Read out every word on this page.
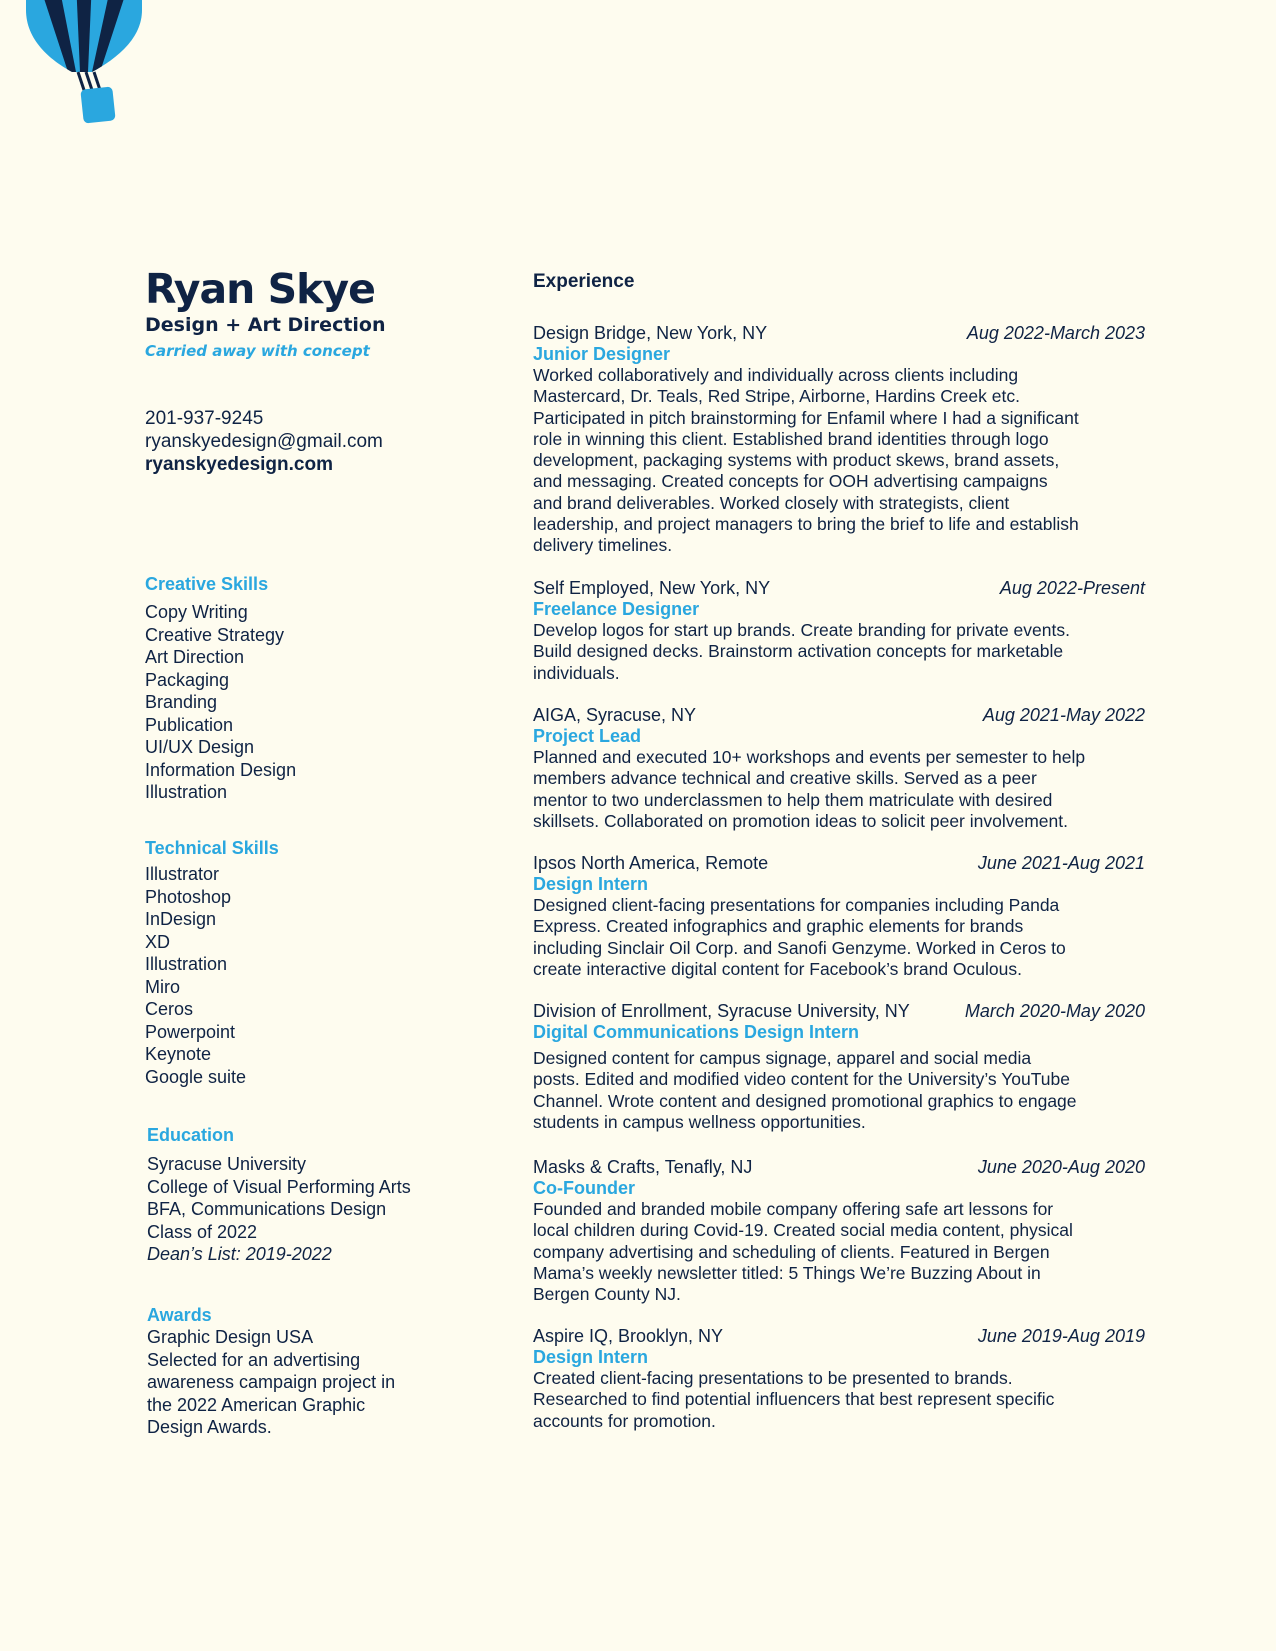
Ryan Skye
Design + Art Direction
Carried away with concept
201-937-9245
ryanskyedesign@gmail.com
ryanskyedesign.com
Creative Skills
Copy Writing
Creative Strategy
Art Direction
Packaging
Branding
Publication
UI/UX Design
Information Design
Illustration
Technical Skills
Illustrator
Photoshop
InDesign
XD
Illustration
Miro
Ceros
Powerpoint
Keynote
Google suite
Education
Syracuse University
College of Visual Performing Arts
BFA, Communications Design
Class of 2022
Dean’s List: 2019-2022
Awards
Graphic Design USA
Selected for an advertising
awareness campaign project in
the 2022 American Graphic
Design Awards.
Experience
Design Bridge, New York, NY	Aug 2022-March 2023
Junior Designer
Worked collaboratively and individually across clients including
Mastercard, Dr. Teals, Red Stripe, Airborne, Hardins Creek etc.
Participated in pitch brainstorming for Enfamil where I had a significant
role in winning this client. Established brand identities through logo
development, packaging systems with product skews, brand assets,
and messaging. Created concepts for OOH advertising campaigns
and brand deliverables. Worked closely with strategists, client
leadership, and project managers to bring the brief to life and establish
delivery timelines.
Self Employed, New York, NY	Aug 2022-Present
Freelance Designer
Develop logos for start up brands. Create branding for private events.
Build designed decks. Brainstorm activation concepts for marketable
individuals.
AIGA, Syracuse, NY	Aug 2021-May 2022
Project Lead
Planned and executed 10+ workshops and events per semester to help
members advance technical and creative skills. Served as a peer
mentor to two underclassmen to help them matriculate with desired
skillsets. Collaborated on promotion ideas to solicit peer involvement.
Ipsos North America, Remote	June 2021-Aug 2021
Design Intern
Designed client-facing presentations for companies including Panda
Express. Created infographics and graphic elements for brands
including Sinclair Oil Corp. and Sanofi Genzyme. Worked in Ceros to
create interactive digital content for Facebook’s brand Oculous.
Division of Enrollment, Syracuse University, NY	March 2020-May 2020
Digital Communications Design Intern
Designed content for campus signage, apparel and social media
posts. Edited and modified video content for the University’s YouTube
Channel. Wrote content and designed promotional graphics to engage
students in campus wellness opportunities.
Masks & Crafts, Tenafly, NJ	June 2020-Aug 2020
Co-Founder
Founded and branded mobile company offering safe art lessons for
local children during Covid-19. Created social media content, physical
company advertising and scheduling of clients. Featured in Bergen
Mama’s weekly newsletter titled: 5 Things We’re Buzzing About in
Bergen County NJ.
Aspire IQ, Brooklyn, NY	June 2019-Aug 2019
Design Intern
Created client-facing presentations to be presented to brands.
Researched to find potential influencers that best represent specific
accounts for promotion.
